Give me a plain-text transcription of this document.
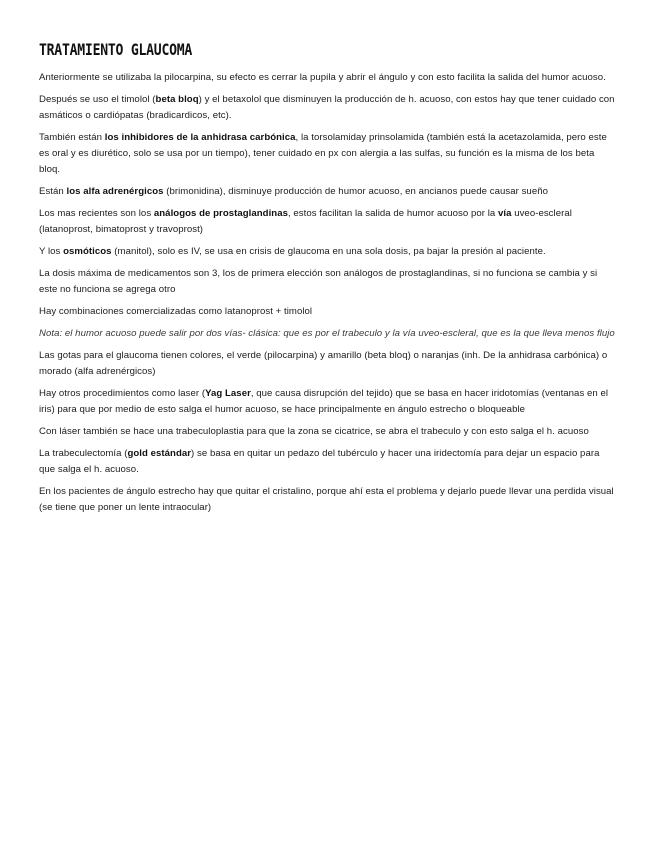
TRATAMIENTO GLAUCOMA

Anteriormente se utilizaba la pilocarpina, su efecto es cerrar la pupila y abrir el ángulo y con esto facilita la salida del humor acuoso.

Después se uso el timolol (beta bloq) y el betaxolol que disminuyen la producción de h. acuoso, con estos hay que tener cuidado con asmáticos o cardiópatas (bradicardicos, etc).

También están los inhibidores de la anhidrasa carbónica, la torsolamiday prinsolamida (también está la acetazolamida, pero este es oral y es diurético, solo se usa por un tiempo), tener cuidado en px con alergia a las sulfas, su función es la misma de los beta bloq.

Están los alfa adrenérgicos (brimonidina), disminuye producción de humor acuoso, en ancianos puede causar sueño

Los mas recientes son los análogos de prostaglandinas, estos facilitan la salida de humor acuoso por la vía uveo-escleral (latanoprost, bimatoprost y travoprost)

Y los osmóticos (manitol), solo es IV, se usa en crisis de glaucoma en una sola dosis, pa bajar la presión al paciente.

La dosis máxima de medicamentos son 3, los de primera elección son análogos de prostaglandinas, si no funciona se cambia y si este no funciona se agrega otro

Hay combinaciones comercializadas como latanoprost + timolol

Nota: el humor acuoso puede salir por dos vías- clásica: que es por el trabeculo y la vía uveo-escleral, que es la que lleva menos flujo

Las gotas para el glaucoma tienen colores, el verde (pilocarpina) y amarillo (beta bloq) o naranjas (inh. De la anhidrasa carbónica) o morado (alfa adrenérgicos)

Hay otros procedimientos como laser (Yag Laser, que causa disrupción del tejido) que se basa en hacer iridotomías (ventanas en el iris) para que por medio de esto salga el humor acuoso, se hace principalmente en ángulo estrecho o bloqueable

Con láser también se hace una trabeculoplastia para que la zona se cicatrice, se abra el trabeculo y con esto salga el h. acuoso

La trabeculectomía (gold estándar) se basa en quitar un pedazo del tubérculo y hacer una iridectomía para dejar un espacio para que salga el h. acuoso.

En los pacientes de ángulo estrecho hay que quitar el cristalino, porque ahí esta el problema y dejarlo puede llevar una perdida visual (se tiene que poner un lente intraocular)
